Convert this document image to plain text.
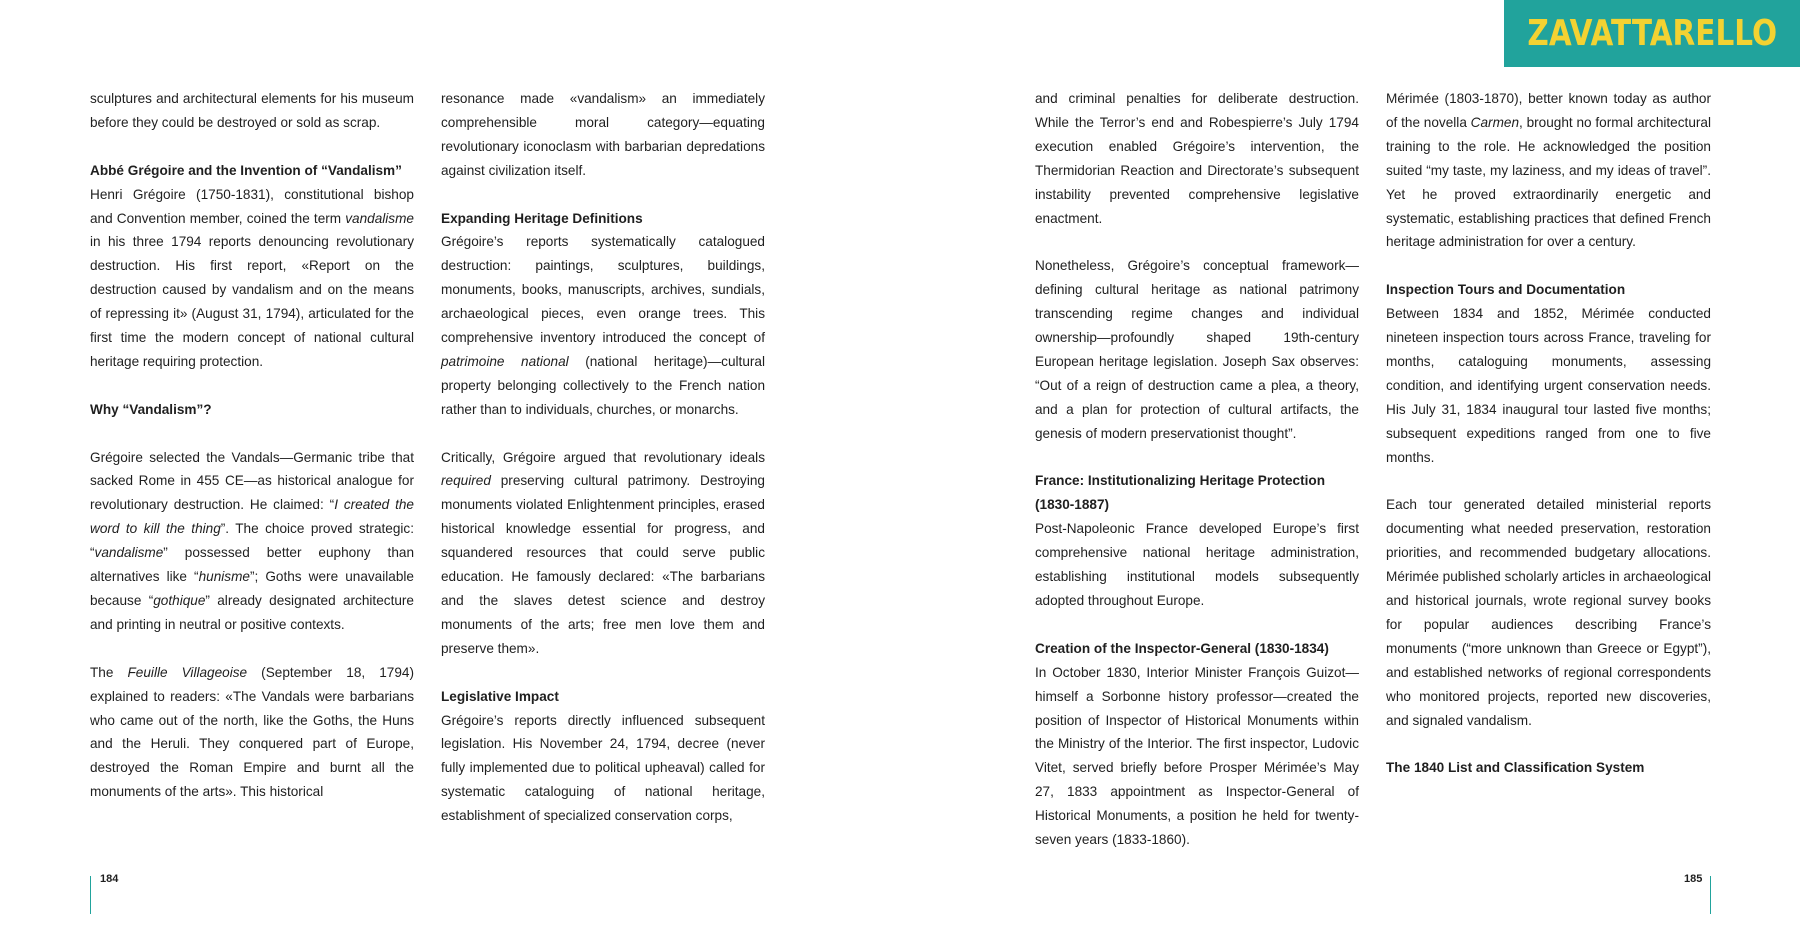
ZAVATTARELLO

sculptures and architectural elements for his museum before they could be destroyed or sold as scrap.

Abbé Grégoire and the Invention of “Vandalism”

Henri Grégoire (1750-1831), constitutional bishop and Convention member, coined the term vandalisme in his three 1794 reports denouncing revolutionary destruction. His first report, «Report on the destruction caused by vandalism and on the means of repressing it» (August 31, 1794), articulated for the first time the modern concept of national cultural heritage requiring protection.

Why “Vandalism”?

Grégoire selected the Vandals—Germanic tribe that sacked Rome in 455 CE—as historical analogue for revolutionary destruction. He claimed: “I created the word to kill the thing”. The choice proved strategic: “vandalisme” possessed better euphony than alternatives like “hunisme”; Goths were unavailable because “gothique” already designated architecture and printing in neutral or positive contexts.

The Feuille Villageoise (September 18, 1794) explained to readers: «The Vandals were barbarians who came out of the north, like the Goths, the Huns and the Heruli. They conquered part of Europe, destroyed the Roman Empire and burnt all the monuments of the arts». This historical

resonance made «vandalism» an immediately comprehensible moral category—equating revolutionary iconoclasm with barbarian depredations against civilization itself.

Expanding Heritage Definitions

Grégoire’s reports systematically catalogued destruction: paintings, sculptures, buildings, monuments, books, manuscripts, archives, sundials, archaeological pieces, even orange trees. This comprehensive inventory introduced the concept of patrimoine national (national heritage)—cultural property belonging collectively to the French nation rather than to individuals, churches, or monarchs.

Critically, Grégoire argued that revolutionary ideals required preserving cultural patrimony. Destroying monuments violated Enlightenment principles, erased historical knowledge essential for progress, and squandered resources that could serve public education. He famously declared: «The barbarians and the slaves detest science and destroy monuments of the arts; free men love them and preserve them».

Legislative Impact

Grégoire’s reports directly influenced subsequent legislation. His November 24, 1794, decree (never fully implemented due to political upheaval) called for systematic cataloguing of national heritage, establishment of specialized conservation corps,

and criminal penalties for deliberate destruction. While the Terror’s end and Robespierre’s July 1794 execution enabled Grégoire’s intervention, the Thermidorian Reaction and Directorate’s subsequent instability prevented comprehensive legislative enactment.

Nonetheless, Grégoire’s conceptual framework—defining cultural heritage as national patrimony transcending regime changes and individual ownership—profoundly shaped 19th-century European heritage legislation. Joseph Sax observes: “Out of a reign of destruction came a plea, a theory, and a plan for protection of cultural artifacts, the genesis of modern preservationist thought”.

France: Institutionalizing Heritage Protection (1830-1887)

Post-Napoleonic France developed Europe’s first comprehensive national heritage administration, establishing institutional models subsequently adopted throughout Europe.

Creation of the Inspector-General (1830-1834)

In October 1830, Interior Minister François Guizot—himself a Sorbonne history professor—created the position of Inspector of Historical Monuments within the Ministry of the Interior. The first inspector, Ludovic Vitet, served briefly before Prosper Mérimée’s May 27, 1833 appointment as Inspector-General of Historical Monuments, a position he held for twenty-seven years (1833-1860).

Mérimée (1803-1870), better known today as author of the novella Carmen, brought no formal architectural training to the role. He acknowledged the position suited “my taste, my laziness, and my ideas of travel”. Yet he proved extraordinarily energetic and systematic, establishing practices that defined French heritage administration for over a century.

Inspection Tours and Documentation

Between 1834 and 1852, Mérimée conducted nineteen inspection tours across France, traveling for months, cataloguing monuments, assessing condition, and identifying urgent conservation needs. His July 31, 1834 inaugural tour lasted five months; subsequent expeditions ranged from one to five months.

Each tour generated detailed ministerial reports documenting what needed preservation, restoration priorities, and recommended budgetary allocations. Mérimée published scholarly articles in archaeological and historical journals, wrote regional survey books for popular audiences describing France’s monuments (“more unknown than Greece or Egypt”), and established networks of regional correspondents who monitored projects, reported new discoveries, and signaled vandalism.

The 1840 List and Classification System
184	185
